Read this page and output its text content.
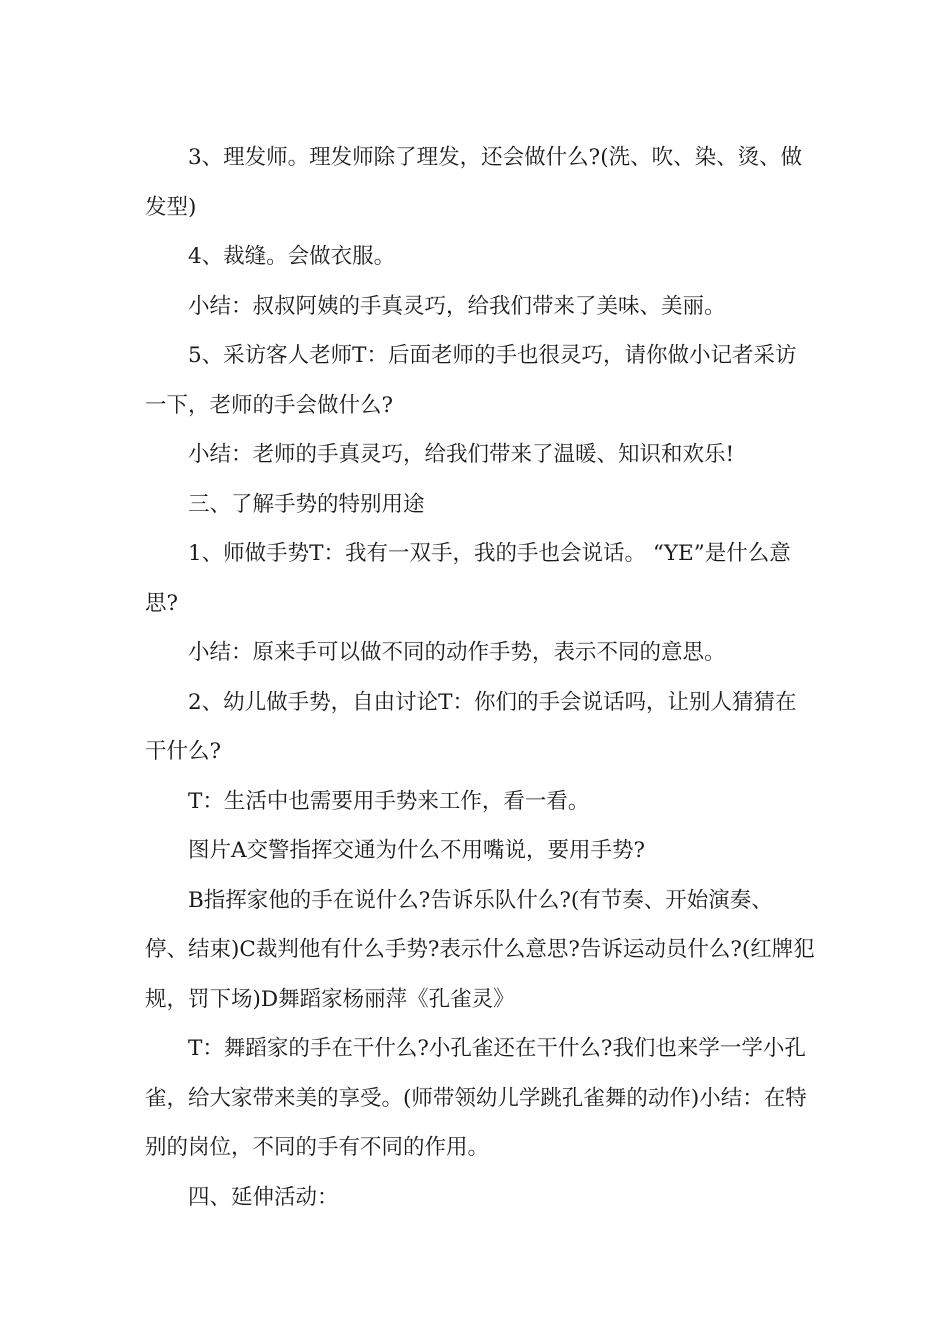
3、理发师。理发师除了理发，还会做什么?(洗、吹、染、烫、做发型)

4、裁缝。会做衣服。

小结：叔叔阿姨的手真灵巧，给我们带来了美味、美丽。

5、采访客人老师T：后面老师的手也很灵巧，请你做小记者采访一下，老师的手会做什么?

小结：老师的手真灵巧，给我们带来了温暖、知识和欢乐!

三、了解手势的特别用途

1、师做手势T：我有一双手，我的手也会说话。 “YE”是什么意思?

小结：原来手可以做不同的动作手势，表示不同的意思。

2、幼儿做手势，自由讨论T：你们的手会说话吗，让别人猜猜在干什么?

T：生活中也需要用手势来工作，看一看。

图片A交警指挥交通为什么不用嘴说，要用手势?

B指挥家他的手在说什么?告诉乐队什么?(有节奏、开始演奏、停、结束)C裁判他有什么手势?表示什么意思?告诉运动员什么?(红牌犯规，罚下场)D舞蹈家杨丽萍《孔雀灵》

T：舞蹈家的手在干什么?小孔雀还在干什么?我们也来学一学小孔雀，给大家带来美的享受。(师带领幼儿学跳孔雀舞的动作)小结：在特别的岗位，不同的手有不同的作用。

四、延伸活动：
